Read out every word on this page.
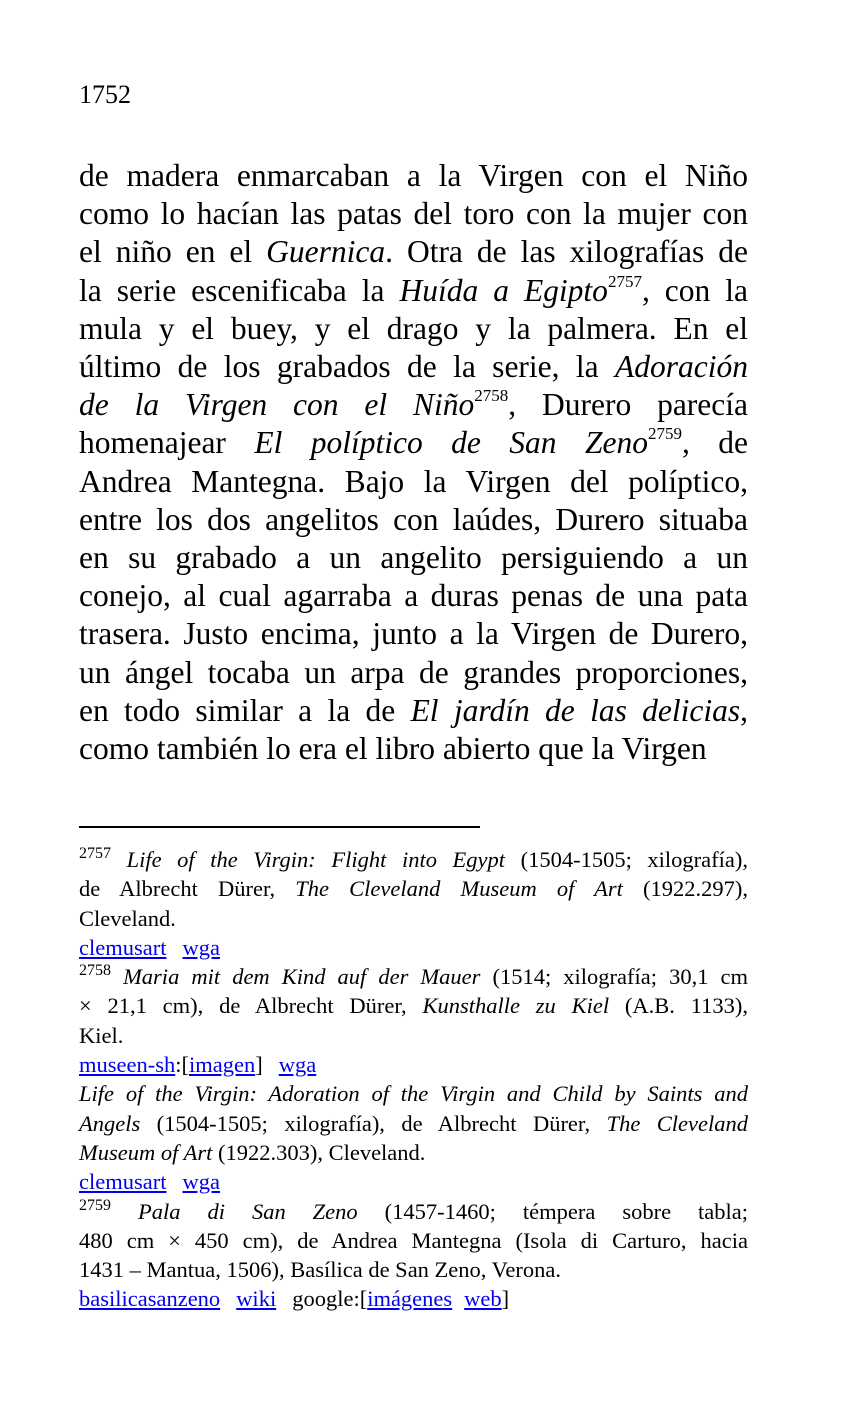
1752
de madera enmarcaban a la Virgen con el Niño
como lo hacían las patas del toro con la mujer con
el niño en el Guernica. Otra de las xilografías de
la serie escenificaba la Huída a Egipto$^{2757}$, con la
mula y el buey, y el drago y la palmera. En el
último de los grabados de la serie, la Adoración
de la Virgen con el Niño$^{2758}$, Durero parecía
homenajear El políptico de San Zeno$^{2759}$, de
Andrea Mantegna. Bajo la Virgen del políptico,
entre los dos angelitos con laúdes, Durero situaba
en su grabado a un angelito persiguiendo a un
conejo, al cual agarraba a duras penas de una pata
trasera. Justo encima, junto a la Virgen de Durero,
un ángel tocaba un arpa de grandes proporciones,
en todo similar a la de El jardín de las delicias,
como también lo era el libro abierto que la Virgen
$^{2757}$ Life of the Virgin: Flight into Egypt (1504-1505; xilografía),
de Albrecht Dürer, The Cleveland Museum of Art (1922.297),
Cleveland.
clemusart wga
$^{2758}$ Maria mit dem Kind auf der Mauer (1514; xilografía; 30,1 cm
× 21,1 cm), de Albrecht Dürer, Kunsthalle zu Kiel (A.B. 1133),
Kiel.
museen-sh:[imagen] wga
Life of the Virgin: Adoration of the Virgin and Child by Saints and
Angels (1504-1505; xilografía), de Albrecht Dürer, The Cleveland
Museum of Art (1922.303), Cleveland.
clemusart wga
$^{2759}$ Pala di San Zeno (1457-1460; témpera sobre tabla;
480 cm × 450 cm), de Andrea Mantegna (Isola di Carturo, hacia
1431 – Mantua, 1506), Basílica de San Zeno, Verona.
basilicasanzeno wiki google:[imágenes web]
